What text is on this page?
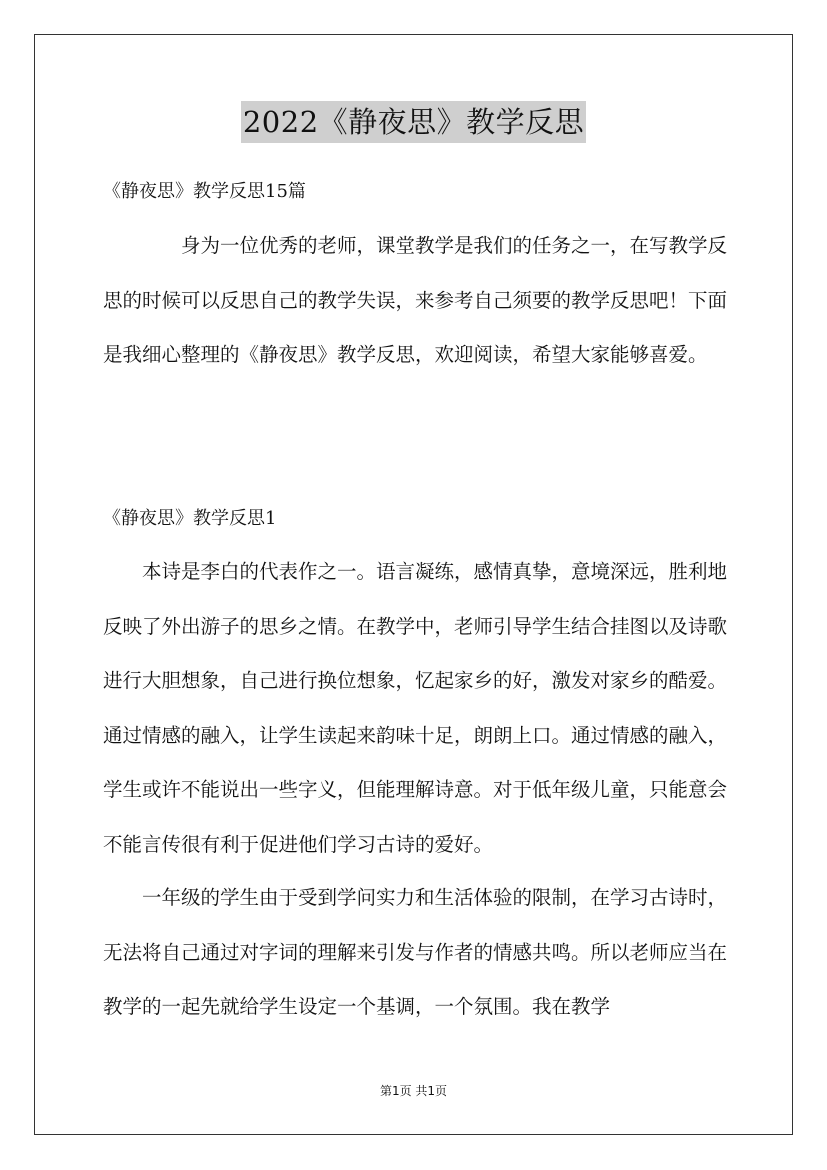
2022《静夜思》教学反思
《静夜思》教学反思15篇

身为一位优秀的老师，课堂教学是我们的任务之一，在写教学反思的时候可以反思自己的教学失误，来参考自己须要的教学反思吧！下面是我细心整理的《静夜思》教学反思，欢迎阅读，希望大家能够喜爱。

《静夜思》教学反思1

本诗是李白的代表作之一。语言凝练，感情真挚，意境深远，胜利地反映了外出游子的思乡之情。在教学中，老师引导学生结合挂图以及诗歌进行大胆想象，自己进行换位想象，忆起家乡的好，激发对家乡的酷爱。通过情感的融入，让学生读起来韵味十足，朗朗上口。通过情感的融入，学生或许不能说出一些字义，但能理解诗意。对于低年级儿童，只能意会不能言传很有利于促进他们学习古诗的爱好。

一年级的学生由于受到学问实力和生活体验的限制，在学习古诗时，无法将自己通过对字词的理解来引发与作者的情感共鸣。所以老师应当在教学的一起先就给学生设定一个基调，一个氛围。我在教学

第1页 共1页
